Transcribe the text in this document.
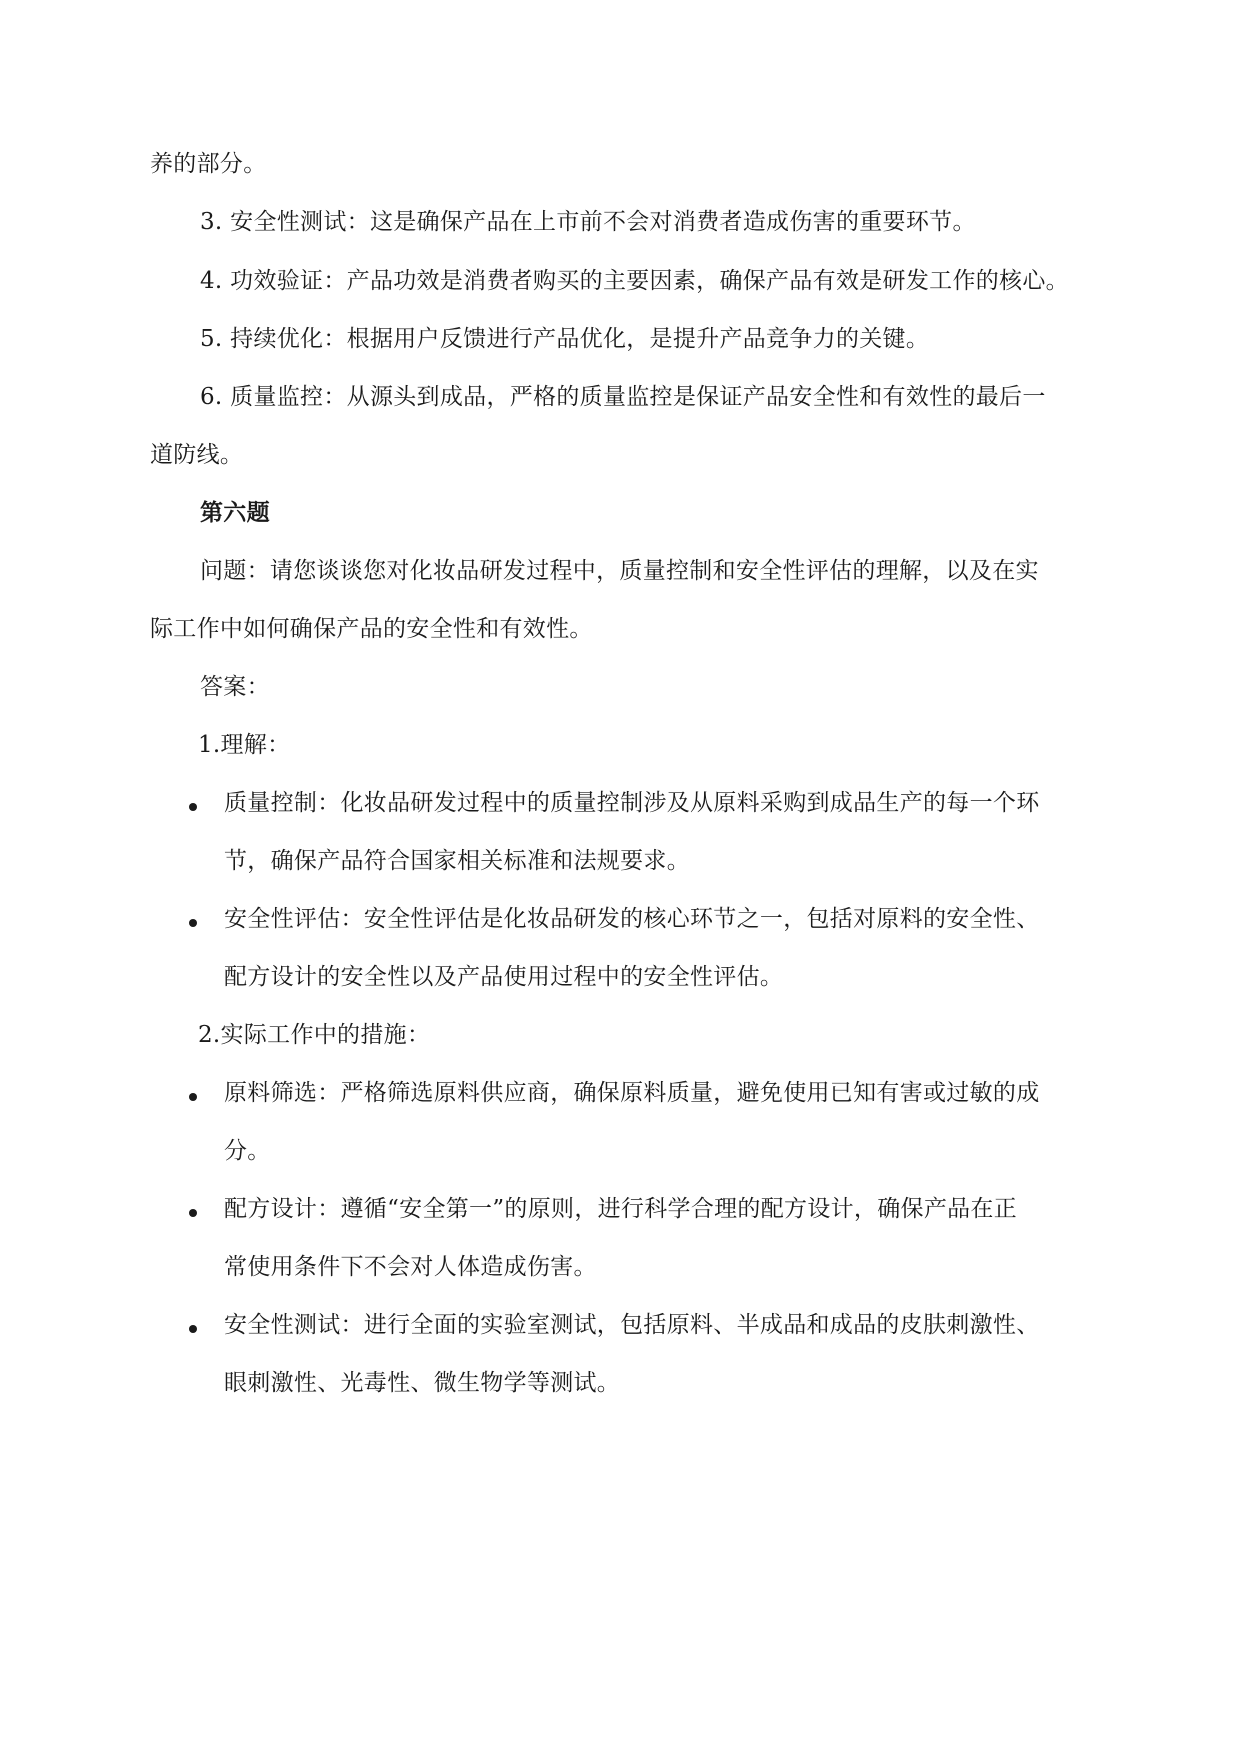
养的部分。
3. 安全性测试：这是确保产品在上市前不会对消费者造成伤害的重要环节。
4. 功效验证：产品功效是消费者购买的主要因素，确保产品有效是研发工作的核心。
5. 持续优化：根据用户反馈进行产品优化，是提升产品竞争力的关键。
6. 质量监控：从源头到成品，严格的质量监控是保证产品安全性和有效性的最后一
道防线。
第六题
问题：请您谈谈您对化妆品研发过程中，质量控制和安全性评估的理解，以及在实
际工作中如何确保产品的安全性和有效性。
答案：
1.理解：
质量控制：化妆品研发过程中的质量控制涉及从原料采购到成品生产的每一个环
节，确保产品符合国家相关标准和法规要求。
安全性评估：安全性评估是化妆品研发的核心环节之一，包括对原料的安全性、
配方设计的安全性以及产品使用过程中的安全性评估。
2.实际工作中的措施：
原料筛选：严格筛选原料供应商，确保原料质量，避免使用已知有害或过敏的成
分。
配方设计：遵循“安全第一”的原则，进行科学合理的配方设计，确保产品在正
常使用条件下不会对人体造成伤害。
安全性测试：进行全面的实验室测试，包括原料、半成品和成品的皮肤刺激性、
眼刺激性、光毒性、微生物学等测试。
